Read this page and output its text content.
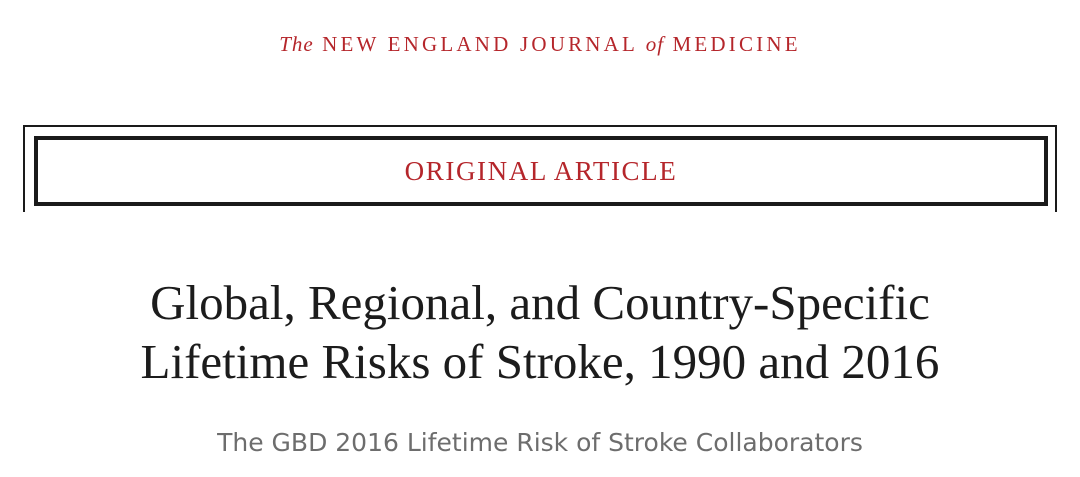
The NEW ENGLAND JOURNAL of MEDICINE
ORIGINAL ARTICLE
Global, Regional, and Country-Specific
Lifetime Risks of Stroke, 1990 and 2016
The GBD 2016 Lifetime Risk of Stroke Collaborators
